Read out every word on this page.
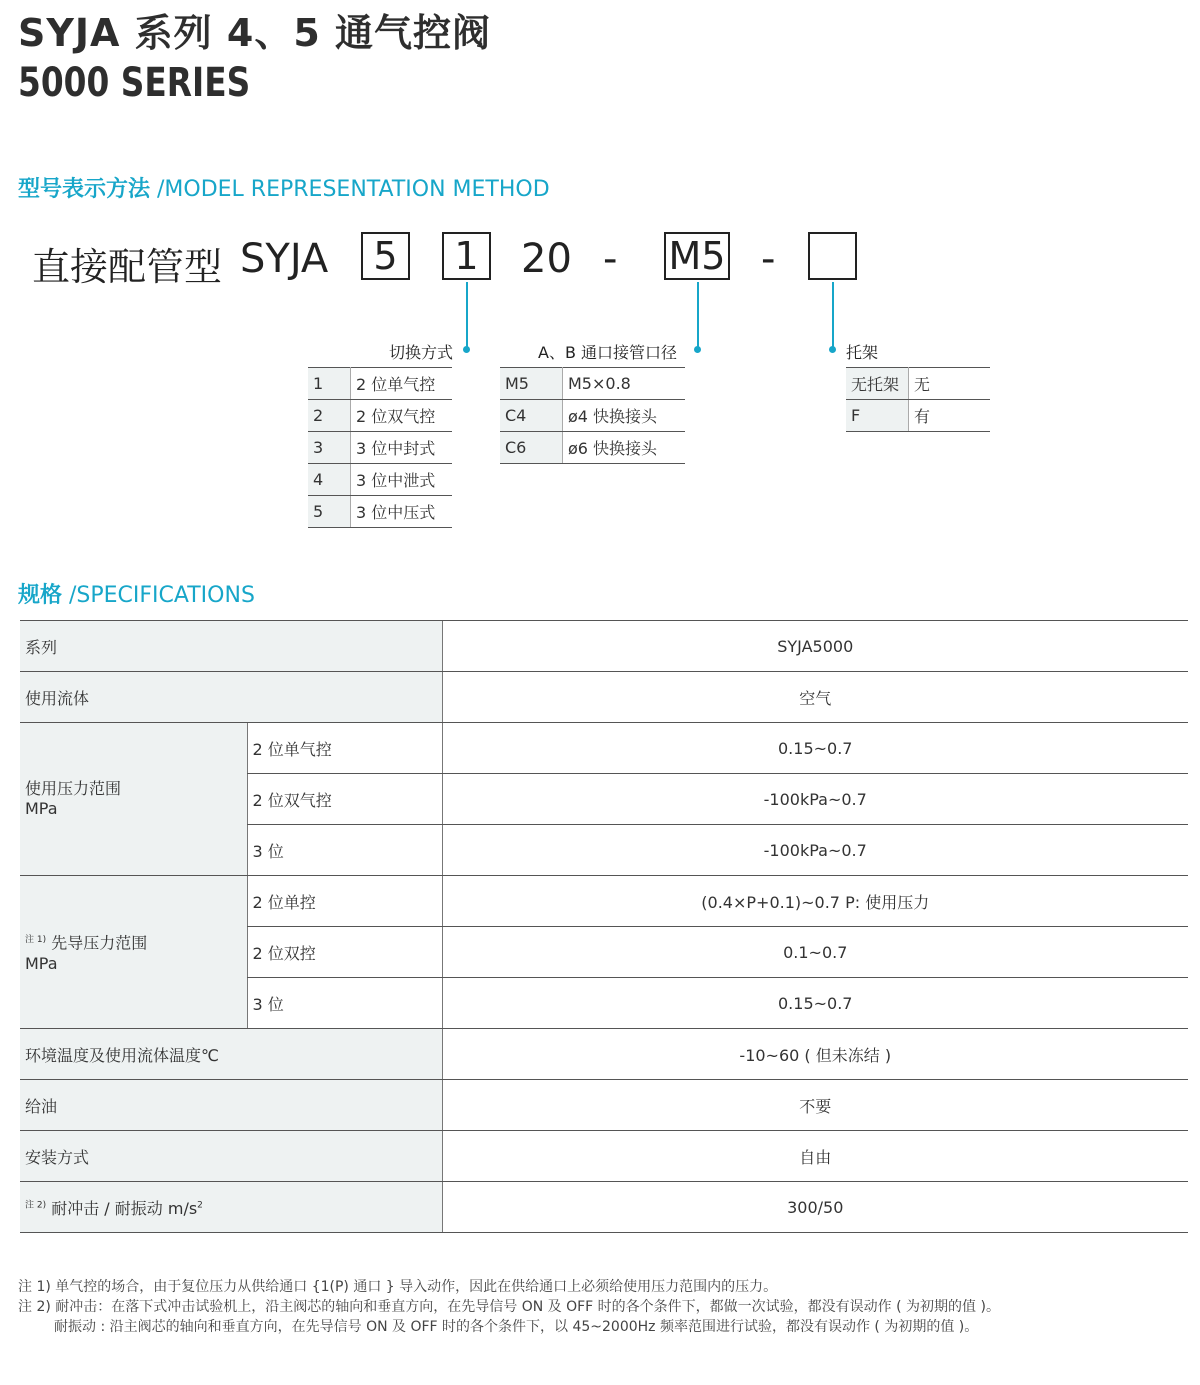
SYJA 系列 4、5 通气控阀
5000 SERIES
型号表示方法 /MODEL REPRESENTATION METHOD
直接配管型 SYJA	5	1	20 - M5 -
切换方式	A、B 通口接管口径	托架
1	2 位单气控
2	2 位双气控
3	3 位中封式
4	3 位中泄式
5	3 位中压式
M5	M5×0.8
C4	ø4 快换接头
C6	ø6 快换接头
无托架	无
F	有
规格 /SPECIFICATIONS
系列		SYJA5000
使用流体		空气

使用压力范围
MPa	2 位单气控	0.15~0.7
	2 位双气控	-100kPa~0.7
	3 位	-100kPa~0.7

$^{注 1)}$ 先导压力范围
MPa	2 位单控	(0.4×P+0.1)~0.7 P: 使用压力
	2 位双控	0.1~0.7
	3 位	0.15~0.7
环境温度及使用流体温度℃		-10~60 ( 但未冻结 )
给油		不要
安装方式		自由
$^{注 2)}$ 耐冲击 / 耐振动 $m/s^2$		300/50
注 1) 单气控的场合，由于复位压力从供给通口 {1(P) 通口 } 导入动作，因此在供给通口上必须给使用压力范围内的压力。
注 2) 耐冲击：在落下式冲击试验机上，沿主阀芯的轴向和垂直方向，在先导信号 ON 及 OFF 时的各个条件下，都做一次试验，都没有误动作 ( 为初期的值 )。
耐振动 : 沿主阀芯的轴向和垂直方向，在先导信号 ON 及 OFF 时的各个条件下，以 45~2000Hz 频率范围进行试验，都没有误动作 ( 为初期的值 )。
